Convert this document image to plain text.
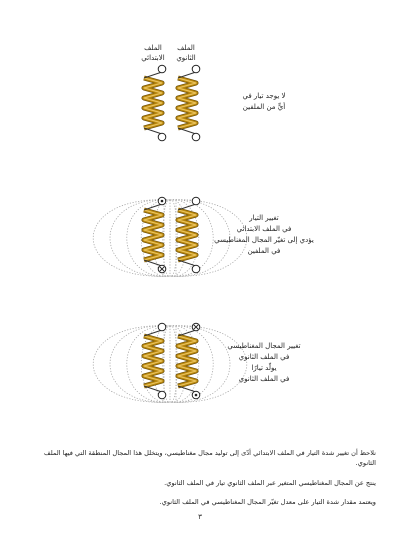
الملف
الابتدائي
الملف
الثانوي
لا يوجد تيار في
أيٍّ من الملفين
تغيير التيار
في الملف الابتدائي
يؤدي إلى تغيّر المجال المغناطيسي
في الملفين
تغيير المجال المغناطيسي
في الملف الثانوي
يولّد تيارًا
في الملف الثانوي

نلاحظ أن تغيير شدة التيار في الملف الابتدائي أدّى إلى توليد مجال مغناطيسي، ويتخلل هذا المجال المنطقة التي فيها الملف الثانوي.

ينتج عن المجال المغناطيسي المتغير عبر الملف الثانوي تيار في الملف الثانوي.

ويعتمد مقدار شدة التيار على معدل تغيّر المجال المغناطيسي في الملف الثانوي.

٣
